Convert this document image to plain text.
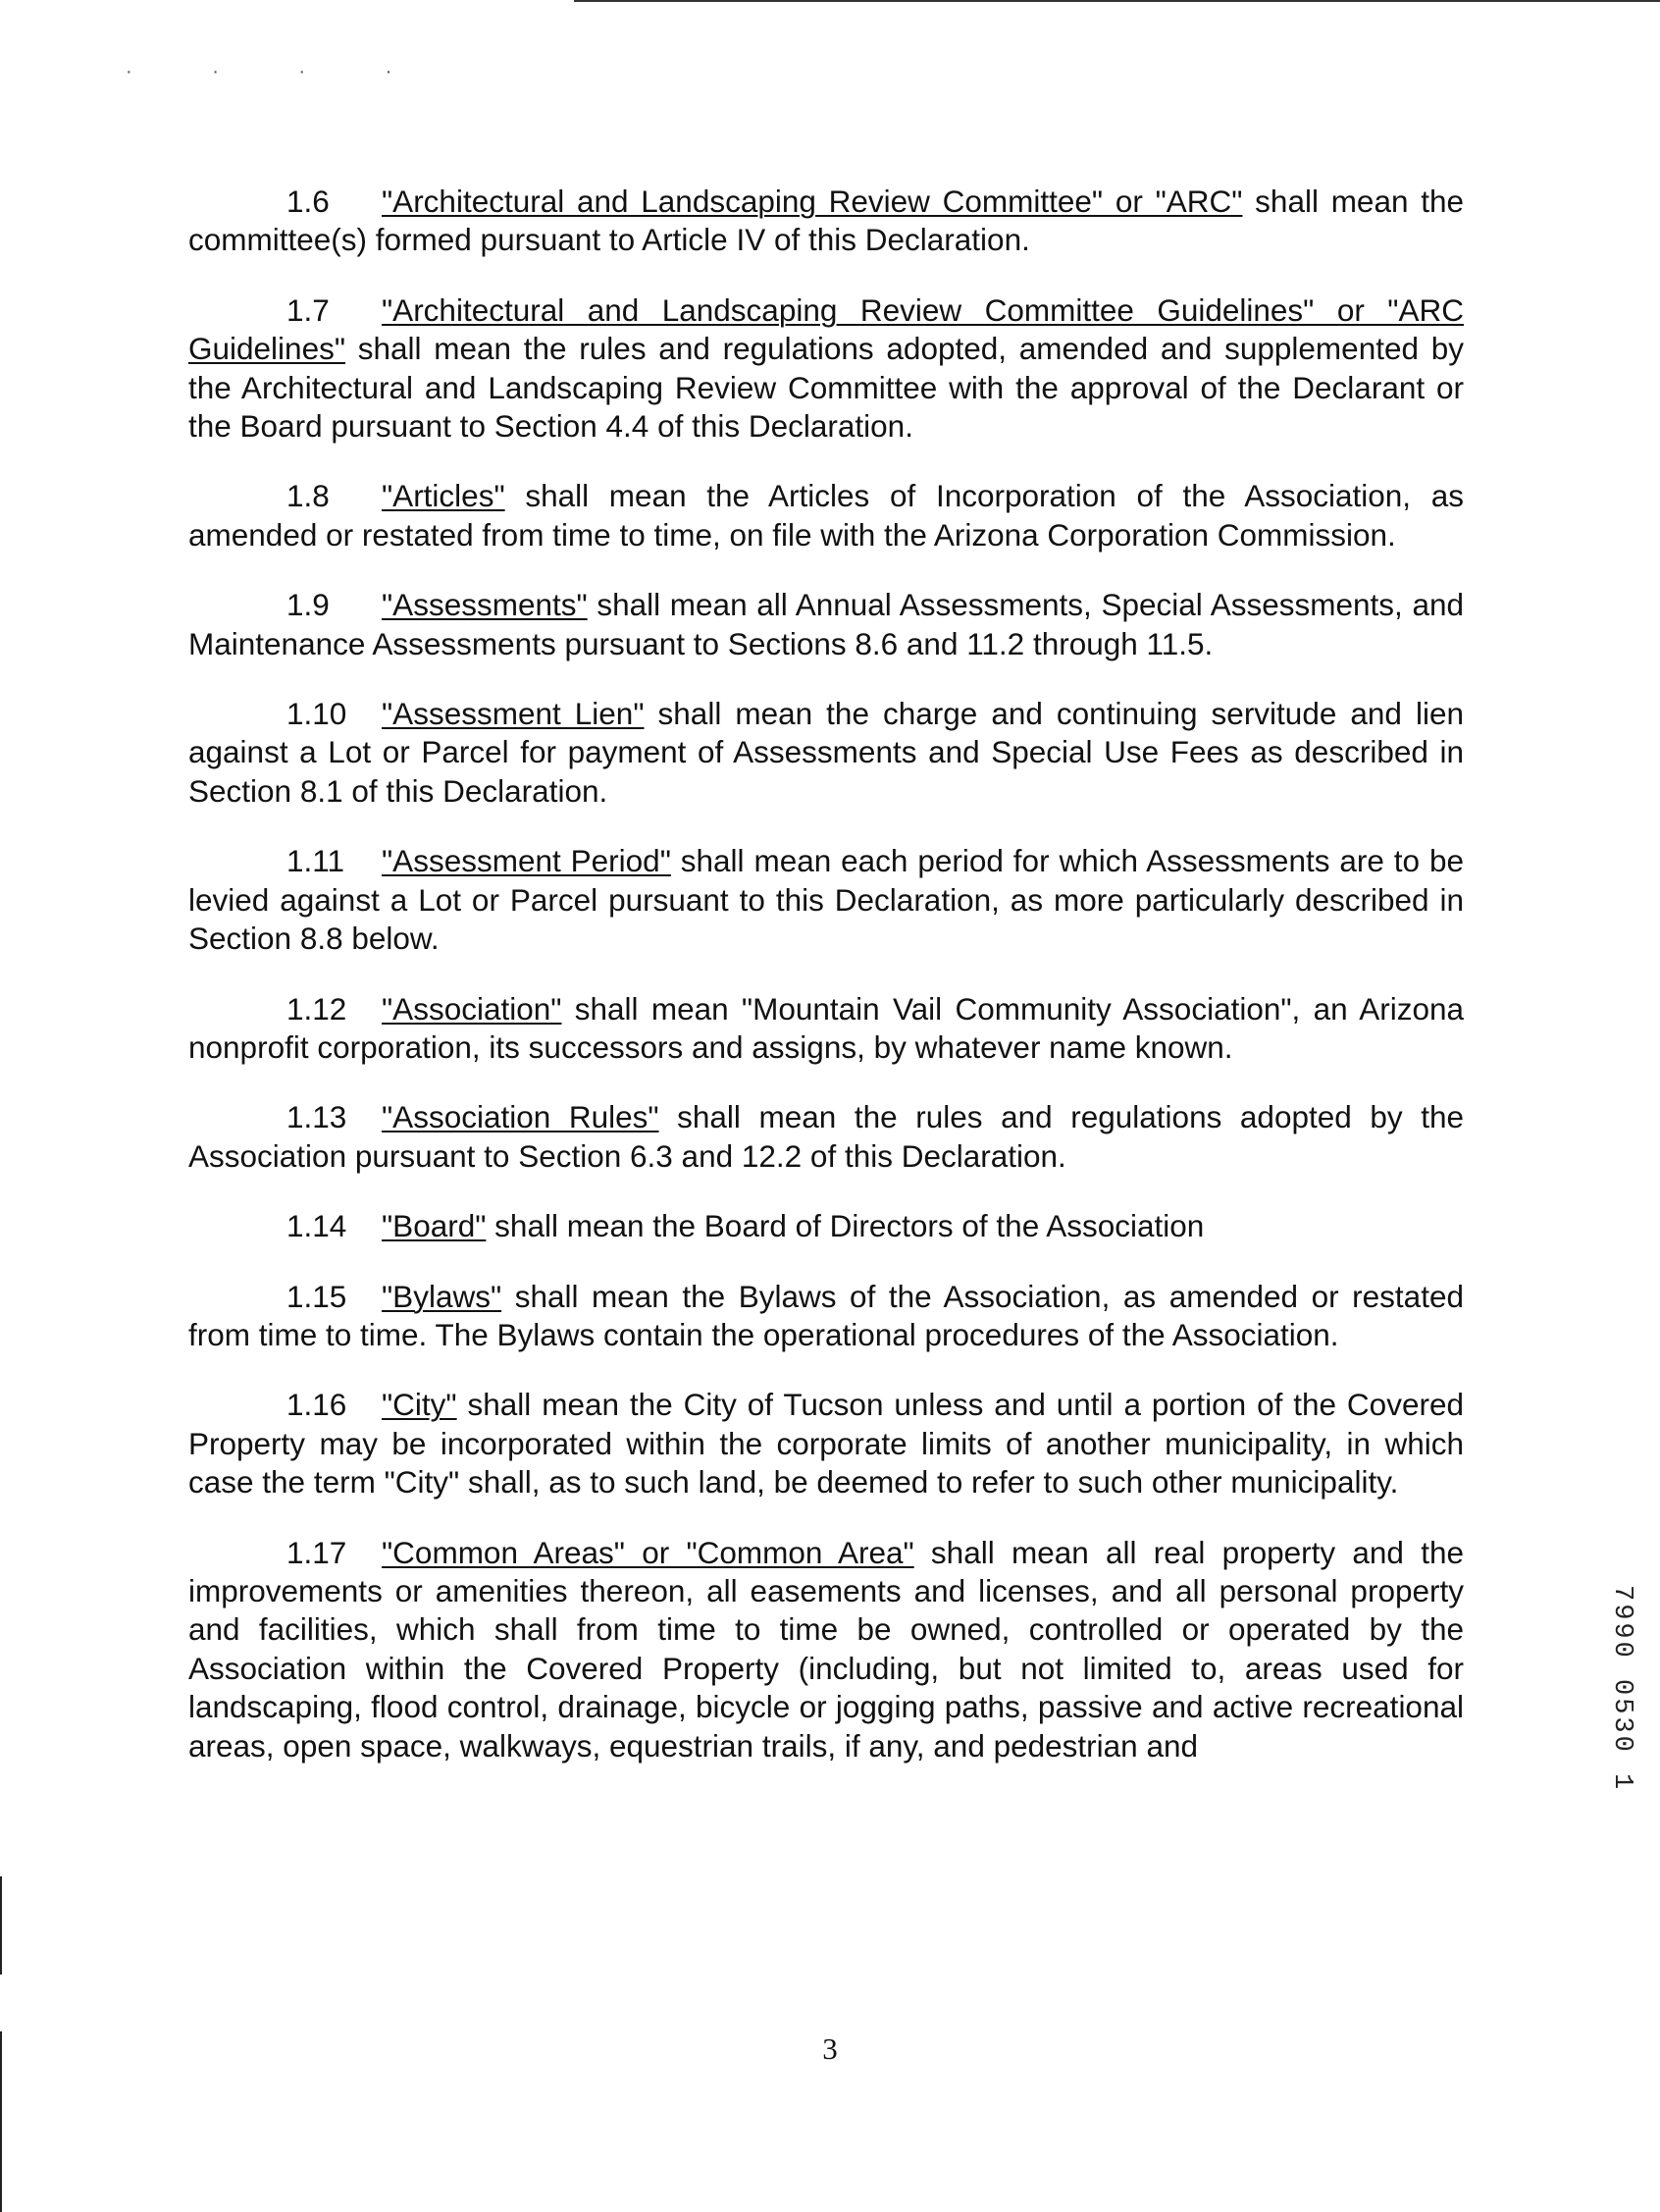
· · · ·

1.6 "Architectural and Landscaping Review Committee" or "ARC" shall mean the committee(s) formed pursuant to Article IV of this Declaration.

1.7 "Architectural and Landscaping Review Committee Guidelines" or "ARC Guidelines" shall mean the rules and regulations adopted, amended and supplemented by the Architectural and Landscaping Review Committee with the approval of the Declarant or the Board pursuant to Section 4.4 of this Declaration.

1.8 "Articles" shall mean the Articles of Incorporation of the Association, as amended or restated from time to time, on file with the Arizona Corporation Commission.

1.9 "Assessments" shall mean all Annual Assessments, Special Assessments, and Maintenance Assessments pursuant to Sections 8.6 and 11.2 through 11.5.

1.10 "Assessment Lien" shall mean the charge and continuing servitude and lien against a Lot or Parcel for payment of Assessments and Special Use Fees as described in Section 8.1 of this Declaration.

1.11 "Assessment Period" shall mean each period for which Assessments are to be levied against a Lot or Parcel pursuant to this Declaration, as more particularly described in Section 8.8 below.

1.12 "Association" shall mean "Mountain Vail Community Association", an Arizona nonprofit corporation, its successors and assigns, by whatever name known.

1.13 "Association Rules" shall mean the rules and regulations adopted by the Association pursuant to Section 6.3 and 12.2 of this Declaration.

1.14 "Board" shall mean the Board of Directors of the Association

1.15 "Bylaws" shall mean the Bylaws of the Association, as amended or restated from time to time. The Bylaws contain the operational procedures of the Association.

1.16 "City" shall mean the City of Tucson unless and until a portion of the Covered Property may be incorporated within the corporate limits of another municipality, in which case the term "City" shall, as to such land, be deemed to refer to such other municipality.

1.17 "Common Areas" or "Common Area" shall mean all real property and the improvements or amenities thereon, all easements and licenses, and all personal property and facilities, which shall from time to time be owned, controlled or operated by the Association within the Covered Property (including, but not limited to, areas used for landscaping, flood control, drainage, bicycle or jogging paths, passive and active recreational areas, open space, walkways, equestrian trails, if any, and pedestrian and	7990 0530 1
3
